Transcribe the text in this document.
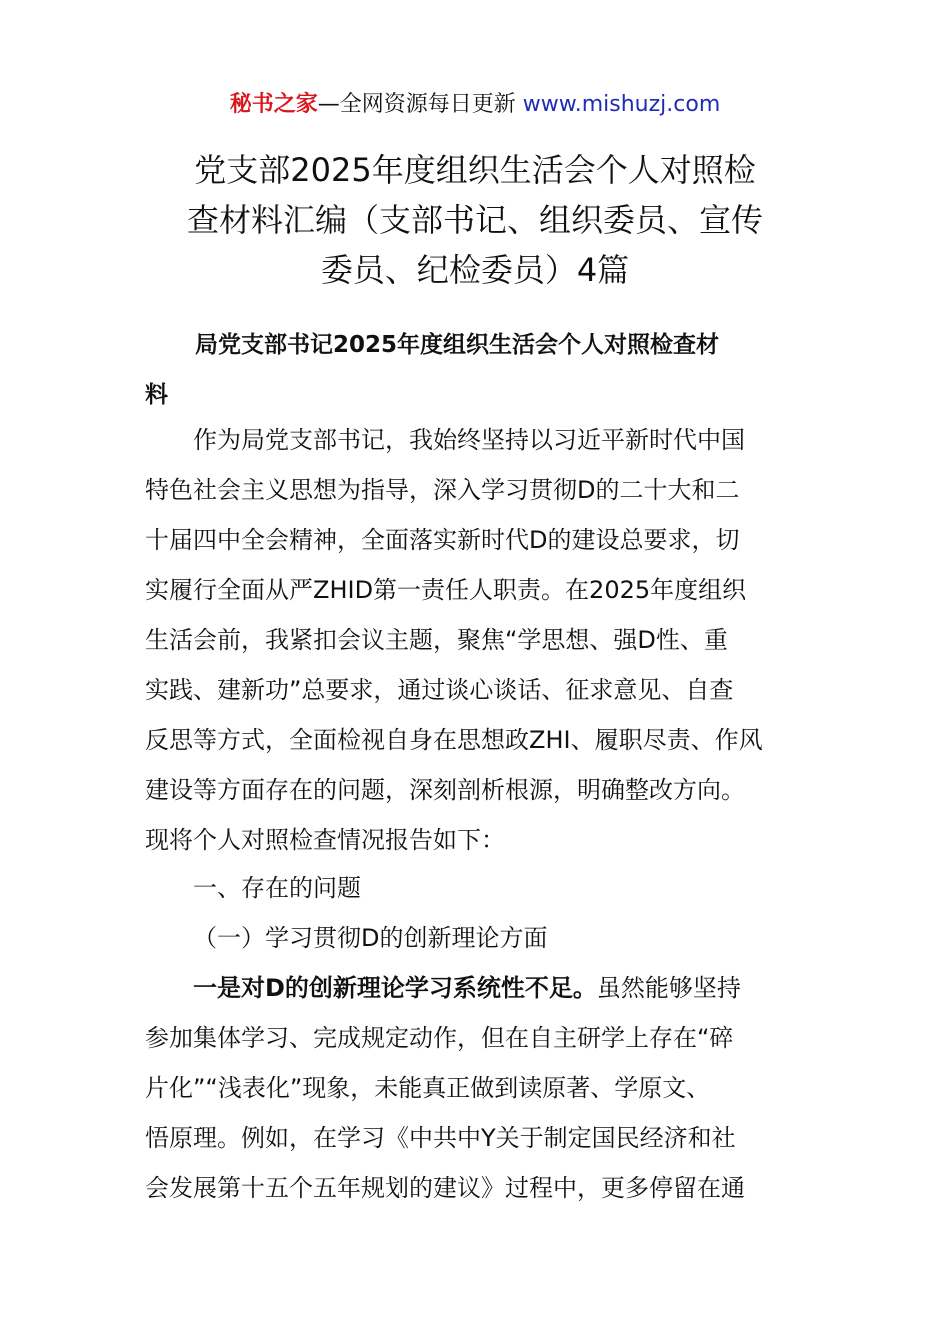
秘书之家—全网资源每日更新 www.mishuzj.com
党支部2025年度组织生活会个人对照检
查材料汇编（支部书记、组织委员、宣传
委员、纪检委员）4篇
局党支部书记2025年度组织生活会个人对照检查材
料

作为局党支部书记，我始终坚持以习近平新时代中国
特色社会主义思想为指导，深入学习贯彻D的二十大和二
十届四中全会精神，全面落实新时代D的建设总要求，切
实履行全面从严ZHID第一责任人职责。在2025年度组织
生活会前，我紧扣会议主题，聚焦“学思想、强D性、重
实践、建新功”总要求，通过谈心谈话、征求意见、自查
反思等方式，全面检视自身在思想政ZHI、履职尽责、作风
建设等方面存在的问题，深刻剖析根源，明确整改方向。
现将个人对照检查情况报告如下：

一、存在的问题

（一）学习贯彻D的创新理论方面

一是对D的创新理论学习系统性不足。虽然能够坚持
参加集体学习、完成规定动作，但在自主研学上存在“碎
片化”“浅表化”现象，未能真正做到读原著、学原文、
悟原理。例如，在学习《中共中Y关于制定国民经济和社
会发展第十五个五年规划的建议》过程中，更多停留在通
